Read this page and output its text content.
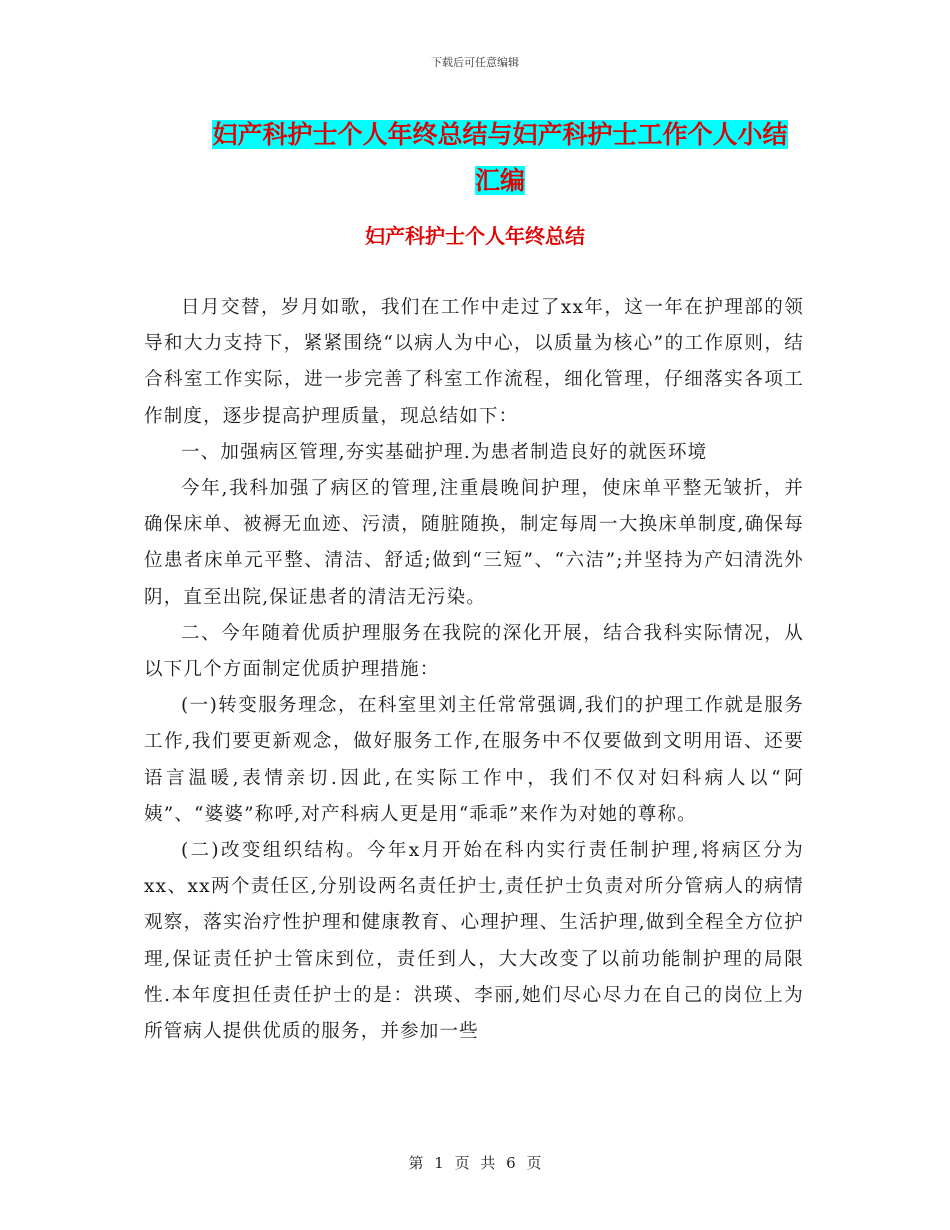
下载后可任意编辑
妇产科护士个人年终总结与妇产科护士工作个人小结
汇编
妇产科护士个人年终总结

日月交替，岁月如歌，我们在工作中走过了xx年，这一年在护理部的领导和大力支持下，紧紧围绕“以病人为中心，以质量为核心”的工作原则，结合科室工作实际，进一步完善了科室工作流程，细化管理，仔细落实各项工作制度，逐步提高护理质量，现总结如下：

一、加强病区管理,夯实基础护理.为患者制造良好的就医环境

今年,我科加强了病区的管理,注重晨晚间护理，使床单平整无皱折，并确保床单、被褥无血迹、污渍，随脏随换，制定每周一大换床单制度,确保每位患者床单元平整、清洁、舒适;做到“三短”、“六洁”;并坚持为产妇清洗外阴，直至出院,保证患者的清洁无污染。

二、今年随着优质护理服务在我院的深化开展，结合我科实际情况，从以下几个方面制定优质护理措施：

(一)转变服务理念，在科室里刘主任常常强调,我们的护理工作就是服务工作,我们要更新观念，做好服务工作,在服务中不仅要做到文明用语、还要语言温暖,表情亲切.因此,在实际工作中，我们不仅对妇科病人以“阿姨”、“婆婆”称呼,对产科病人更是用“乖乖”来作为对她的尊称。

(二)改变组织结构。今年x月开始在科内实行责任制护理,将病区分为xx、xx两个责任区,分别设两名责任护士,责任护士负责对所分管病人的病情观察，落实治疗性护理和健康教育、心理护理、生活护理,做到全程全方位护理,保证责任护士管床到位，责任到人，大大改变了以前功能制护理的局限性.本年度担任责任护士的是：洪瑛、李丽,她们尽心尽力在自己的岗位上为所管病人提供优质的服务，并参加一些

第 1 页 共 6 页
